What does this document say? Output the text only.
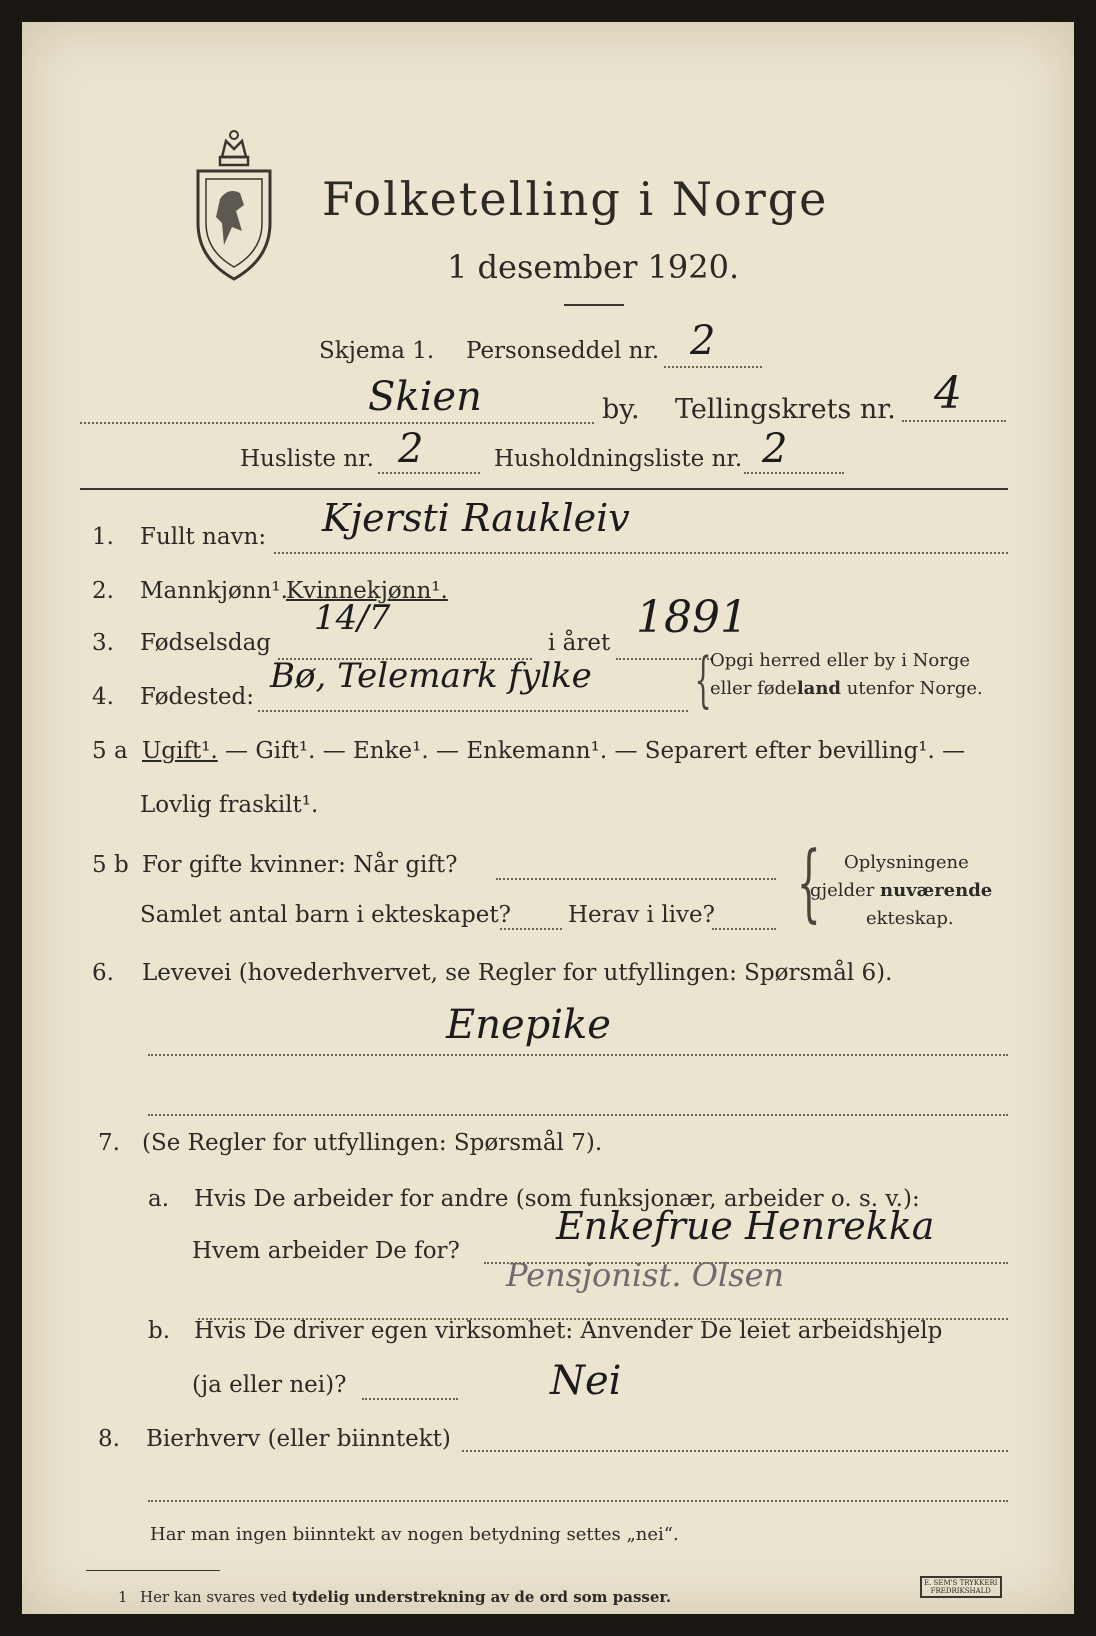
Folketelling i Norge
1 desember 1920.
Skjema 1. Personseddel nr. 2
Skien	by. Tellingskrets nr. 4
Husliste nr. 2	Husholdningsliste nr. 2
1. Fullt navn: Kjersti Raukleiv
2. Mannkjønn¹.
Kvinnekjønn¹.
3. Fødselsdag
14/7
i året 1891
4. Fødested:
Bø, Telemark fylke {
Opgi herred eller by i Norge
eller fødeland utenfor Norge.
5 a Ugift¹. — Gift¹. — Enke¹. — Enkemann¹. — Separert efter bevilling¹. —
Lovlig fraskilt¹.
5 b For gifte kvinner: Når gift?
Samlet antal barn i ekteskapet? Herav i live? { Oplysningene
gjelder nuværende
ekteskap.
6. Levevei (hovederhvervet, se Regler for utfyllingen: Spørsmål 6).
Enepike
7. (Se Regler for utfyllingen: Spørsmål 7).
a. Hvis De arbeider for andre (som funksjonær, arbeider o. s. v.):
Hvem arbeider De for?
Enkefrue Henrekka
Pensjonist. Olsen
b. Hvis De driver egen virksomhet: Anvender De leiet arbeidshjelp
(ja eller nei)?	Nei
8. Bierhverv (eller biinntekt)
Har man ingen biinntekt av nogen betydning settes „nei“.
1 Her kan svares ved tydelig understrekning av de ord som passer.
E. SEM'S TRYKKERI
FREDRIKSHALD
